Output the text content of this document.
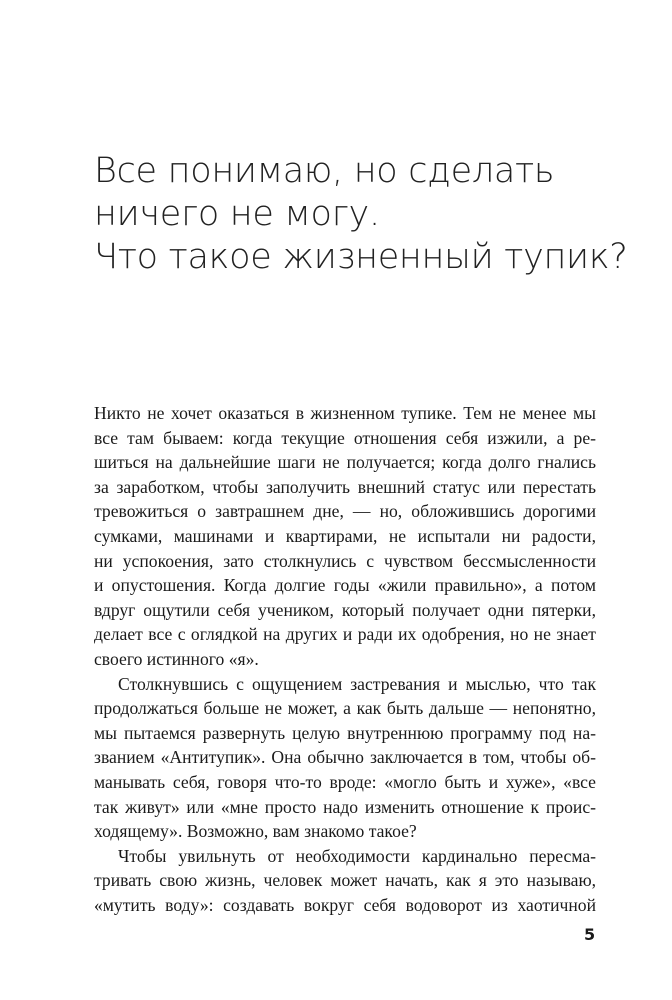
Все понимаю, но сделать
ничего не могу.
Что такое жизненный тупик?
Никто не хочет оказаться в жизненном тупике. Тем не менее мы
все там бываем: когда текущие отношения себя изжили, а ре-
шиться на дальнейшие шаги не получается; когда долго гнались
за заработком, чтобы заполучить внешний статус или перестать
тревожиться о завтрашнем дне, — но, обложившись дорогими
сумками, машинами и квартирами, не испытали ни радости,
ни успокоения, зато столкнулись с чувством бессмысленности
и опустошения. Когда долгие годы «жили правильно», а потом
вдруг ощутили себя учеником, который получает одни пятерки,
делает все с оглядкой на других и ради их одобрения, но не знает
своего истинного «я».
Столкнувшись с ощущением застревания и мыслью, что так
продолжаться больше не может, а как быть дальше — непонятно,
мы пытаемся развернуть целую внутреннюю программу под на-
званием «Антитупик». Она обычно заключается в том, чтобы об-
манывать себя, говоря что-то вроде: «могло быть и хуже», «все
так живут» или «мне просто надо изменить отношение к проис-
ходящему». Возможно, вам знакомо такое?
Чтобы увильнуть от необходимости кардинально пересма-
тривать свою жизнь, человек может начать, как я это называю,
«мутить воду»: создавать вокруг себя водоворот из хаотичной
5
